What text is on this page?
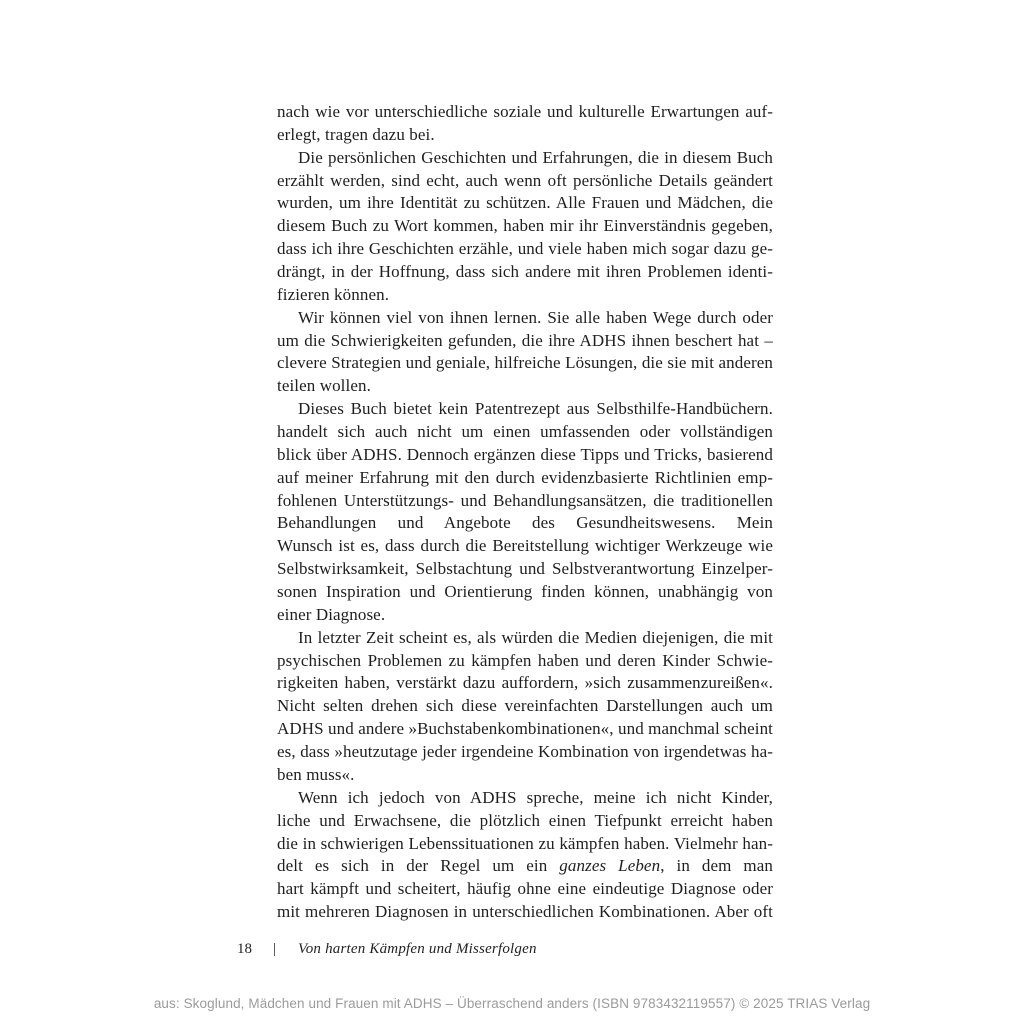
nach wie vor unterschiedliche soziale und kulturelle Erwartungen auf-
erlegt, tragen dazu bei.
Die persönlichen Geschichten und Erfahrungen, die in diesem Buch
erzählt werden, sind echt, auch wenn oft persönliche Details geändert
wurden, um ihre Identität zu schützen. Alle Frauen und Mädchen, die
diesem Buch zu Wort kommen, haben mir ihr Einverständnis gegeben,
dass ich ihre Geschichten erzähle, und viele haben mich sogar dazu ge-
drängt, in der Hoffnung, dass sich andere mit ihren Problemen identi-
fizieren können.
Wir können viel von ihnen lernen. Sie alle haben Wege durch oder
um die Schwierigkeiten gefunden, die ihre ADHS ihnen beschert hat –
clevere Strategien und geniale, hilfreiche Lösungen, die sie mit anderen
teilen wollen.
Dieses Buch bietet kein Patentrezept aus Selbsthilfe-Handbüchern.
handelt sich auch nicht um einen umfassenden oder vollständigen
blick über ADHS. Dennoch ergänzen diese Tipps und Tricks, basierend
auf meiner Erfahrung mit den durch evidenzbasierte Richtlinien emp-
fohlenen Unterstützungs- und Behandlungsansätzen, die traditionellen
Behandlungen und Angebote des Gesundheitswesens. Mein
Wunsch ist es, dass durch die Bereitstellung wichtiger Werkzeuge wie
Selbstwirksamkeit, Selbstachtung und Selbstverantwortung Einzelper-
sonen Inspiration und Orientierung finden können, unabhängig von
einer Diagnose.
In letzter Zeit scheint es, als würden die Medien diejenigen, die mit
psychischen Problemen zu kämpfen haben und deren Kinder Schwie-
rigkeiten haben, verstärkt dazu auffordern, »sich zusammenzureißen«.
Nicht selten drehen sich diese vereinfachten Darstellungen auch um
ADHS und andere »Buchstabenkombinationen«, und manchmal scheint
es, dass »heutzutage jeder irgendeine Kombination von irgendetwas ha-
ben muss«.
Wenn ich jedoch von ADHS spreche, meine ich nicht Kinder,
liche und Erwachsene, die plötzlich einen Tiefpunkt erreicht haben
die in schwierigen Lebenssituationen zu kämpfen haben. Vielmehr han-
delt es sich in der Regel um ein ganzes Leben, in dem man
hart kämpft und scheitert, häufig ohne eine eindeutige Diagnose oder
mit mehreren Diagnosen in unterschiedlichen Kombinationen. Aber oft
18 | Von harten Kämpfen und Misserfolgen
aus: Skoglund, Mädchen und Frauen mit ADHS – Überraschend anders (ISBN 9783432119557) © 2025 TRIAS Verlag
